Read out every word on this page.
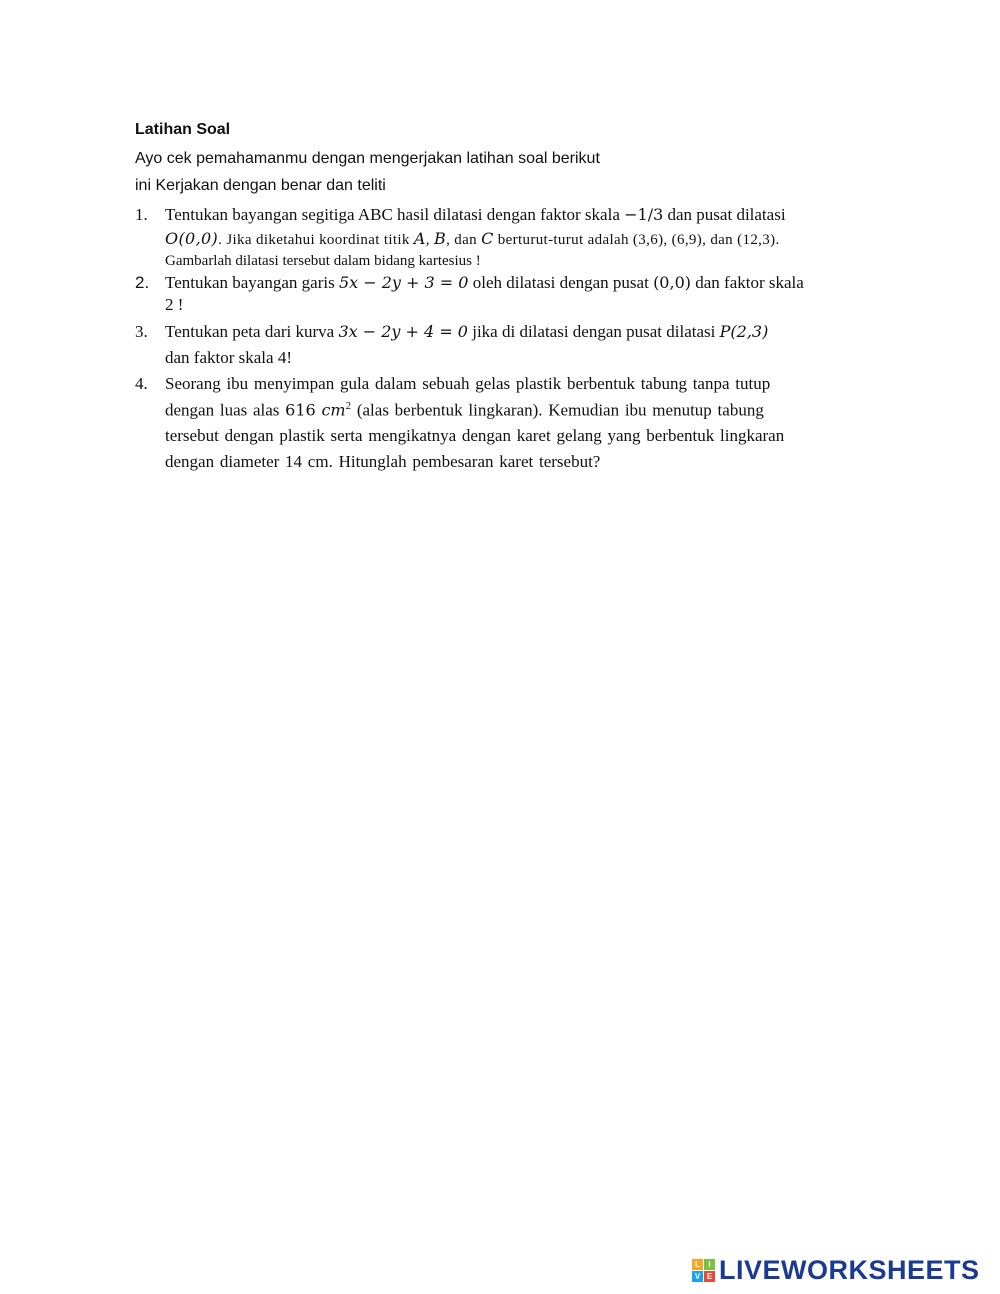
Latihan Soal
Ayo cek pemahamanmu dengan mengerjakan latihan soal berikut
ini Kerjakan dengan benar dan teliti
1.	Tentukan bayangan segitiga ABC hasil dilatasi dengan faktor skala −1/3 dan pusat dilatasi
O(0,0). Jika diketahui koordinat titik A, B, dan C berturut-turut adalah (3,6), (6,9), dan (12,3).
Gambarlah dilatasi tersebut dalam bidang kartesius !
2. Tentukan bayangan garis 5x − 2y + 3 = 0 oleh dilatasi dengan pusat (0,0) dan faktor skala
2 !
3.	Tentukan peta dari kurva 3x − 2y + 4 = 0 jika di dilatasi dengan pusat dilatasi P(2,3)
dan faktor skala 4!
4.	Seorang ibu menyimpan gula dalam sebuah gelas plastik berbentuk tabung tanpa tutup
dengan luas alas 616 $cm^2$ (alas berbentuk lingkaran). Kemudian ibu menutup tabung
tersebut dengan plastik serta mengikatnya dengan karet gelang yang berbentuk lingkaran
dengan diameter 14 cm. Hitunglah pembesaran karet tersebut?
L	I
V E LIVEWORKSHEETS
